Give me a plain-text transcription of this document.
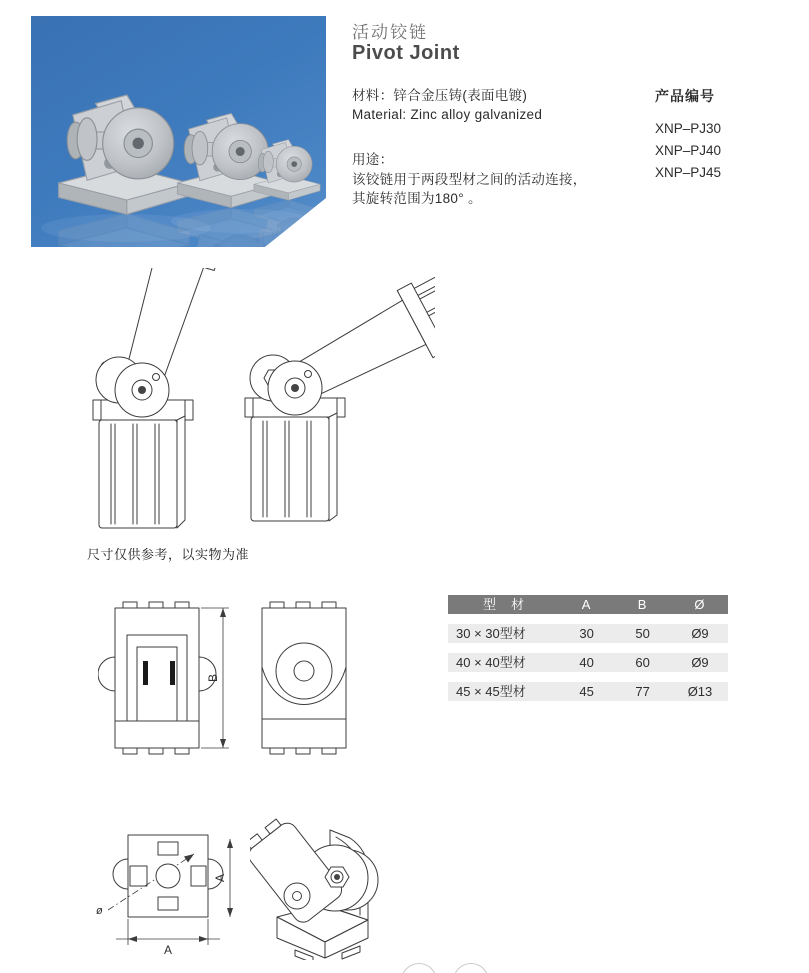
活动铰链
Pivot Joint
材料：锌合金压铸(表面电镀)
Material: Zinc alloy galvanized
产品编号
XNP–PJ30
XNP–PJ40
XNP–PJ45
用途：
该铰链用于两段型材之间的活动连接，
其旋转范围为180° 。
尺寸仅供参考，以实物为准
B
型　材	A	B	Ø
30 × 30型材	30	50	Ø9
40 × 40型材	40	60	Ø9
45 × 45型材	45	77	Ø13
ø
A
A
